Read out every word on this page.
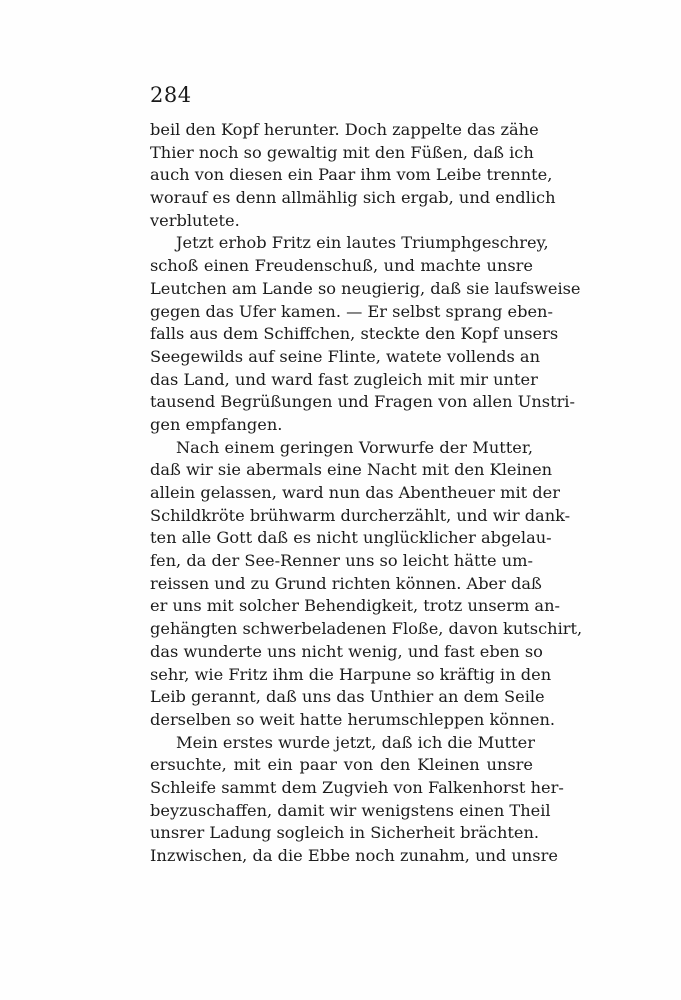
284
beil den Kopf herunter. Doch zappelte das zähe
Thier noch so gewaltig mit den Füßen, daß ich
auch von diesen ein Paar ihm vom Leibe trennte,
worauf es denn allmählig sich ergab, und endlich
verblutete.
Jetzt erhob Fritz ein lautes Triumphgeschrey,
schoß einen Freudenschuß, und machte unsre
Leutchen am Lande so neugierig, daß sie laufsweise
gegen das Ufer kamen. — Er selbst sprang eben-
falls aus dem Schiffchen, steckte den Kopf unsers
Seegewilds auf seine Flinte, watete vollends an
das Land, und ward fast zugleich mit mir unter
tausend Begrüßungen und Fragen von allen Unstri-
gen empfangen.
Nach einem geringen Vorwurfe der Mutter,
daß wir sie abermals eine Nacht mit den Kleinen
allein gelassen, ward nun das Abentheuer mit der
Schildkröte brühwarm durcherzählt, und wir dank-
ten alle Gott daß es nicht unglücklicher abgelau-
fen, da der See-Renner uns so leicht hätte um-
reissen und zu Grund richten können. Aber daß
er uns mit solcher Behendigkeit, trotz unserm an-
gehängten schwerbeladenen Floße, davon kutschirt,
das wunderte uns nicht wenig, und fast eben so
sehr, wie Fritz ihm die Harpune so kräftig in den
Leib gerannt, daß uns das Unthier an dem Seile
derselben so weit hatte herumschleppen können.
Mein erstes wurde jetzt, daß ich die Mutter
ersuchte, mit ein paar von den Kleinen unsre
Schleife sammt dem Zugvieh von Falkenhorst her-
beyzuschaffen, damit wir wenigstens einen Theil
unsrer Ladung sogleich in Sicherheit brächten.
Inzwischen, da die Ebbe noch zunahm, und unsre
